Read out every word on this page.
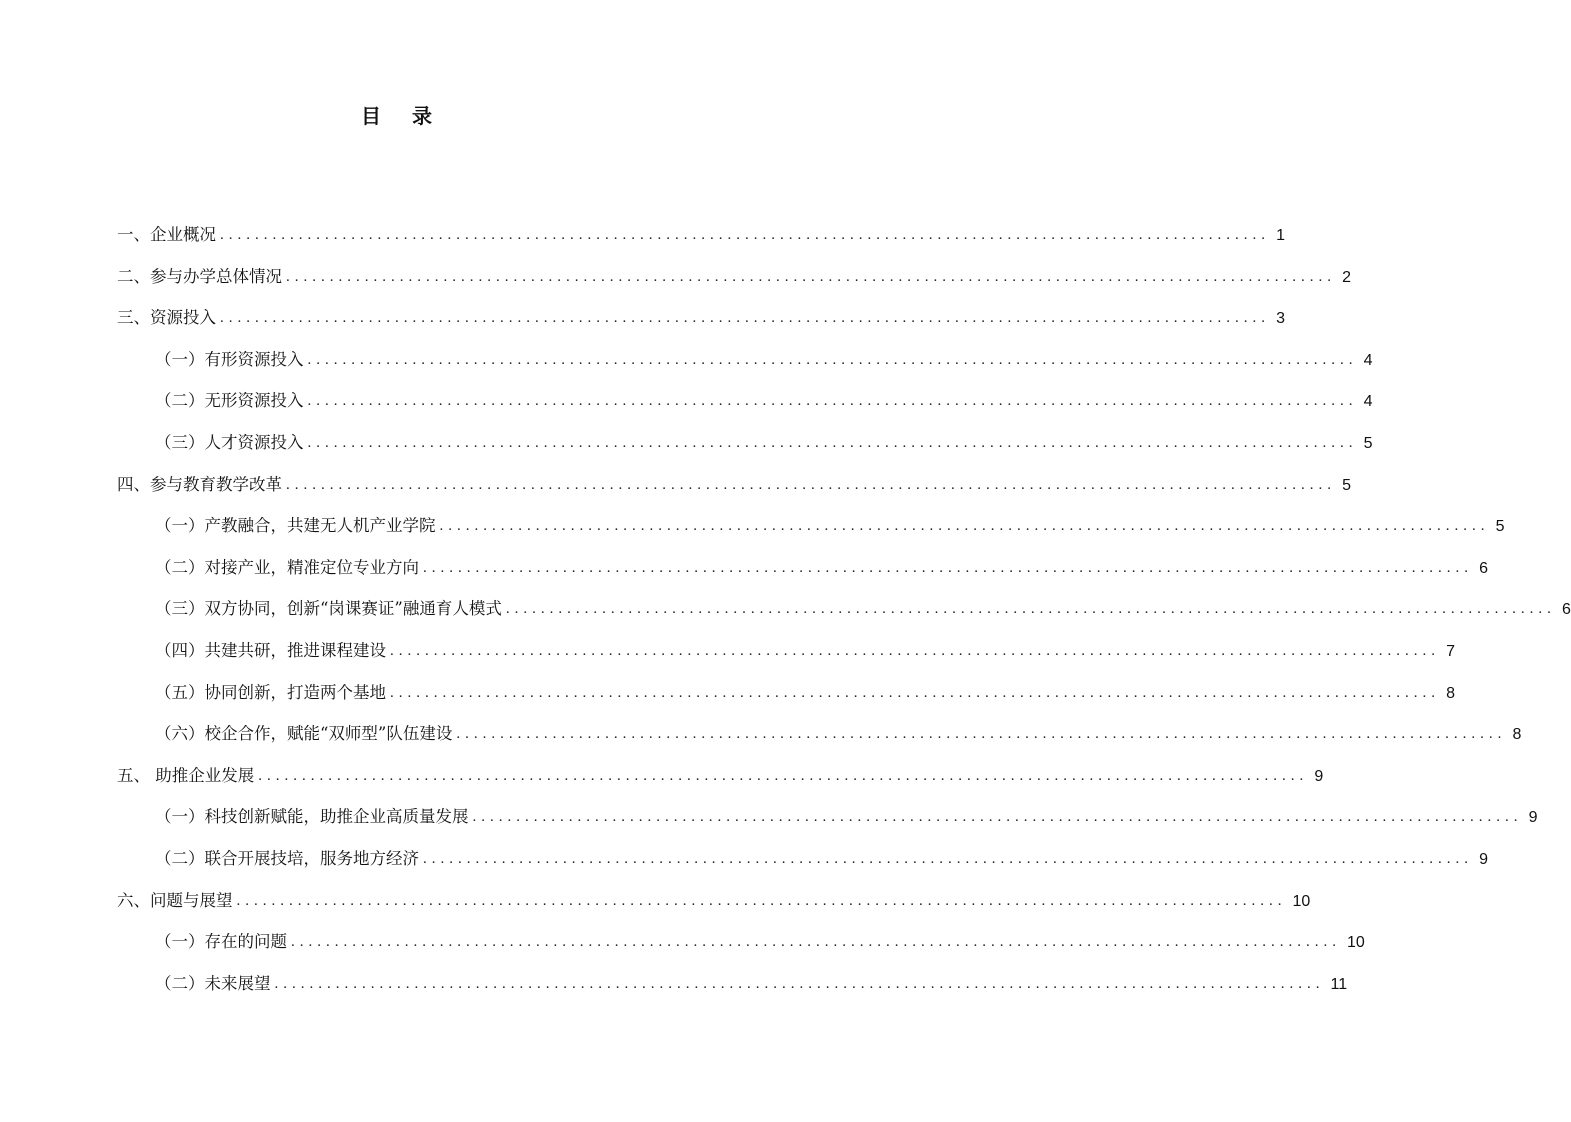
目 录
一、企业概况 ........................................................................................................................ 1
二、参与办学总体情况 ........................................................................................................................ 2
三、资源投入 ........................................................................................................................ 3
（一）有形资源投入 ........................................................................................................................ 4
（二）无形资源投入 ........................................................................................................................ 4
（三）人才资源投入 ........................................................................................................................ 5
四、参与教育教学改革 ........................................................................................................................ 5
（一）产教融合，共建无人机产业学院 ........................................................................................................................ 5
（二）对接产业，精准定位专业方向 ........................................................................................................................ 6
（三）双方协同，创新“岗课赛证”融通育人模式 ........................................................................................................................ 6
（四）共建共研，推进课程建设 ........................................................................................................................ 7
（五）协同创新，打造两个基地 ........................................................................................................................ 8
（六）校企合作，赋能“双师型”队伍建设 ........................................................................................................................ 8
五、 助推企业发展 ........................................................................................................................ 9
（一）科技创新赋能，助推企业高质量发展 ........................................................................................................................ 9
（二）联合开展技培，服务地方经济 ........................................................................................................................ 9
六、问题与展望 ........................................................................................................................ 10
（一）存在的问题 ........................................................................................................................ 10
（二）未来展望 ........................................................................................................................ 11
